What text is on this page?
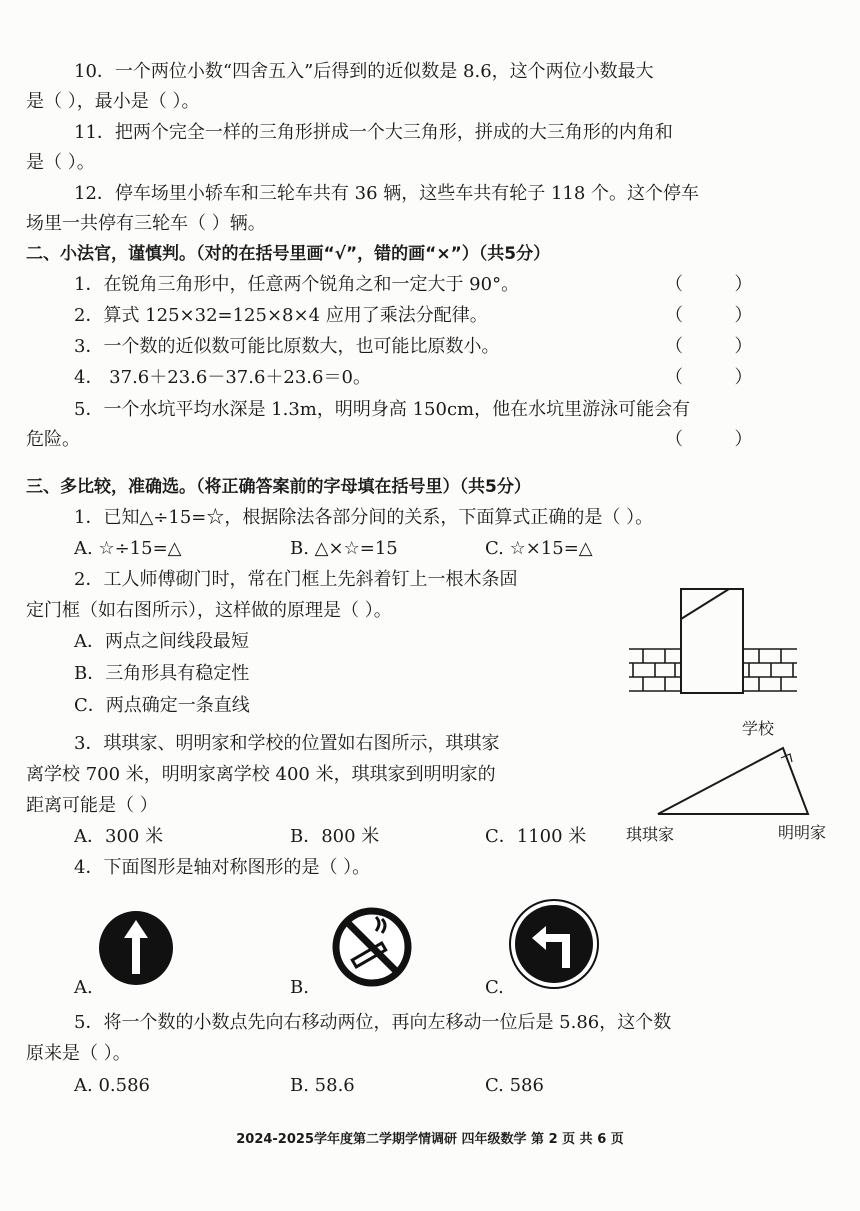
10．一个两位小数“四舍五入”后得到的近似数是 8.6，这个两位小数最大
是（ ），最小是（ ）。
11．把两个完全一样的三角形拼成一个大三角形，拼成的大三角形的内角和
是（ ）。
12．停车场里小轿车和三轮车共有 36 辆，这些车共有轮子 118 个。这个停车
场里一共停有三轮车（ ）辆。
二、小法官，谨慎判。（对的在括号里画“√”，错的画“×”）（共5分）
1．在锐角三角形中，任意两个锐角之和一定大于 90°。	（         ）
2．算式 125×32=125×8×4 应用了乘法分配律。	（         ）
3．一个数的近似数可能比原数大，也可能比原数小。	（         ）
4． 37.6＋23.6－37.6＋23.6＝0。	（         ）
5．一个水坑平均水深是 1.3m，明明身高 150cm，他在水坑里游泳可能会有
危险。	（         ）
三、多比较，准确选。（将正确答案前的字母填在括号里）（共5分）
1．已知△÷15=☆，根据除法各部分间的关系，下面算式正确的是（ ）。
A. ☆÷15=△	B. △×☆=15	C. ☆×15=△
2．工人师傅砌门时，常在门框上先斜着钉上一根木条固
定门框（如右图所示），这样做的原理是（ ）。
A．两点之间线段最短
B．三角形具有稳定性
C．两点确定一条直线
3．琪琪家、明明家和学校的位置如右图所示，琪琪家
离学校 700 米，明明家离学校 400 米，琪琪家到明明家的
距离可能是（ ）
A．300 米	B．800 米	C．1100 米
学校
琪琪家	明明家
4．下面图形是轴对称图形的是（ ）。
A.	B.	C.
5．将一个数的小数点先向右移动两位，再向左移动一位后是 5.86，这个数
原来是（ ）。
A. 0.586	B. 58.6	C. 586
2024-2025学年度第二学期学情调研 四年级数学 第 2 页 共 6 页
